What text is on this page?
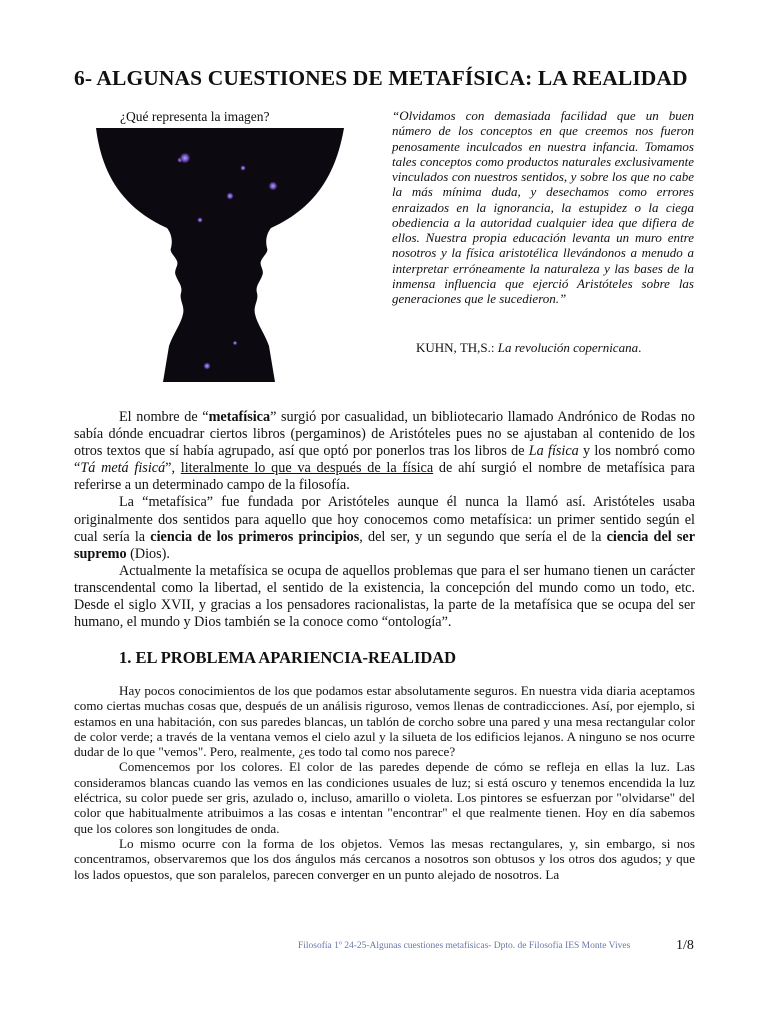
6- ALGUNAS CUESTIONES DE METAFÍSICA: LA REALIDAD
¿Qué representa la imagen?	“Olvidamos con demasiada facilidad que un buen número de los conceptos en que creemos nos fueron penosamente inculcados en nuestra infancia. Tomamos tales conceptos como productos naturales exclusivamente vinculados con nuestros sentidos, y sobre los que no cabe la más mínima duda, y desechamos como errores enraizados en la ignorancia, la estupidez o la ciega obediencia a la autoridad cualquier idea que difiera de ellos. Nuestra propia educación levanta un muro entre nosotros y la física aristotélica llevándonos a menudo a interpretar erróneamente la naturaleza y las bases de la inmensa influencia que ejerció Aristóteles sobre las generaciones que le sucedieron.”

KUHN, TH,S.: La revolución copernicana.

El nombre de “metafísica” surgió por casualidad, un bibliotecario llamado Andrónico de Rodas no sabía dónde encuadrar ciertos libros (pergaminos) de Aristóteles pues no se ajustaban al contenido de los otros textos que sí había agrupado, así que optó por ponerlos tras los libros de La física y los nombró como “Tá metá fisicá”, literalmente lo que va después de la física de ahí surgió el nombre de metafísica para referirse a un determinado campo de la filosofía.

La “metafísica” fue fundada por Aristóteles aunque él nunca la llamó así. Aristóteles usaba originalmente dos sentidos para aquello que hoy conocemos como metafísica: un primer sentido según el cual sería la ciencia de los primeros principios, del ser, y un segundo que sería el de la ciencia del ser supremo (Dios).

Actualmente la metafísica se ocupa de aquellos problemas que para el ser humano tienen un carácter transcendental como la libertad, el sentido de la existencia, la concepción del mundo como un todo, etc. Desde el siglo XVII, y gracias a los pensadores racionalistas, la parte de la metafísica que se ocupa del ser humano, el mundo y Dios también se la conoce como “ontología”.

1. EL PROBLEMA APARIENCIA-REALIDAD

Hay pocos conocimientos de los que podamos estar absolutamente seguros. En nuestra vida diaria aceptamos como ciertas muchas cosas que, después de un análisis riguroso, vemos llenas de contradicciones. Así, por ejemplo, si estamos en una habitación, con sus paredes blancas, un tablón de corcho sobre una pared y una mesa rectangular color de color verde; a través de la ventana vemos el cielo azul y la silueta de los edificios lejanos. A ninguno se nos ocurre dudar de lo que "vemos". Pero, realmente, ¿es todo tal como nos parece?

Comencemos por los colores. El color de las paredes depende de cómo se refleja en ellas la luz. Las consideramos blancas cuando las vemos en las condiciones usuales de luz; si está oscuro y tenemos encendida la luz eléctrica, su color puede ser gris, azulado o, incluso, amarillo o violeta. Los pintores se esfuerzan por "olvidarse" del color que habitualmente atribuimos a las cosas e intentan "encontrar" el que realmente tienen. Hoy en día sabemos que los colores son longitudes de onda.

Lo mismo ocurre con la forma de los objetos. Vemos las mesas rectangulares, y, sin embargo, si nos concentramos, observaremos que los dos ángulos más cercanos a nosotros son obtusos y los otros dos agudos; y que los lados opuestos, que son paralelos, parecen converger en un punto alejado de nosotros. La

Filosofía 1º 24-25-Algunas cuestiones metafísicas- Dpto. de Filosofía IES Monte Vives	1/8
